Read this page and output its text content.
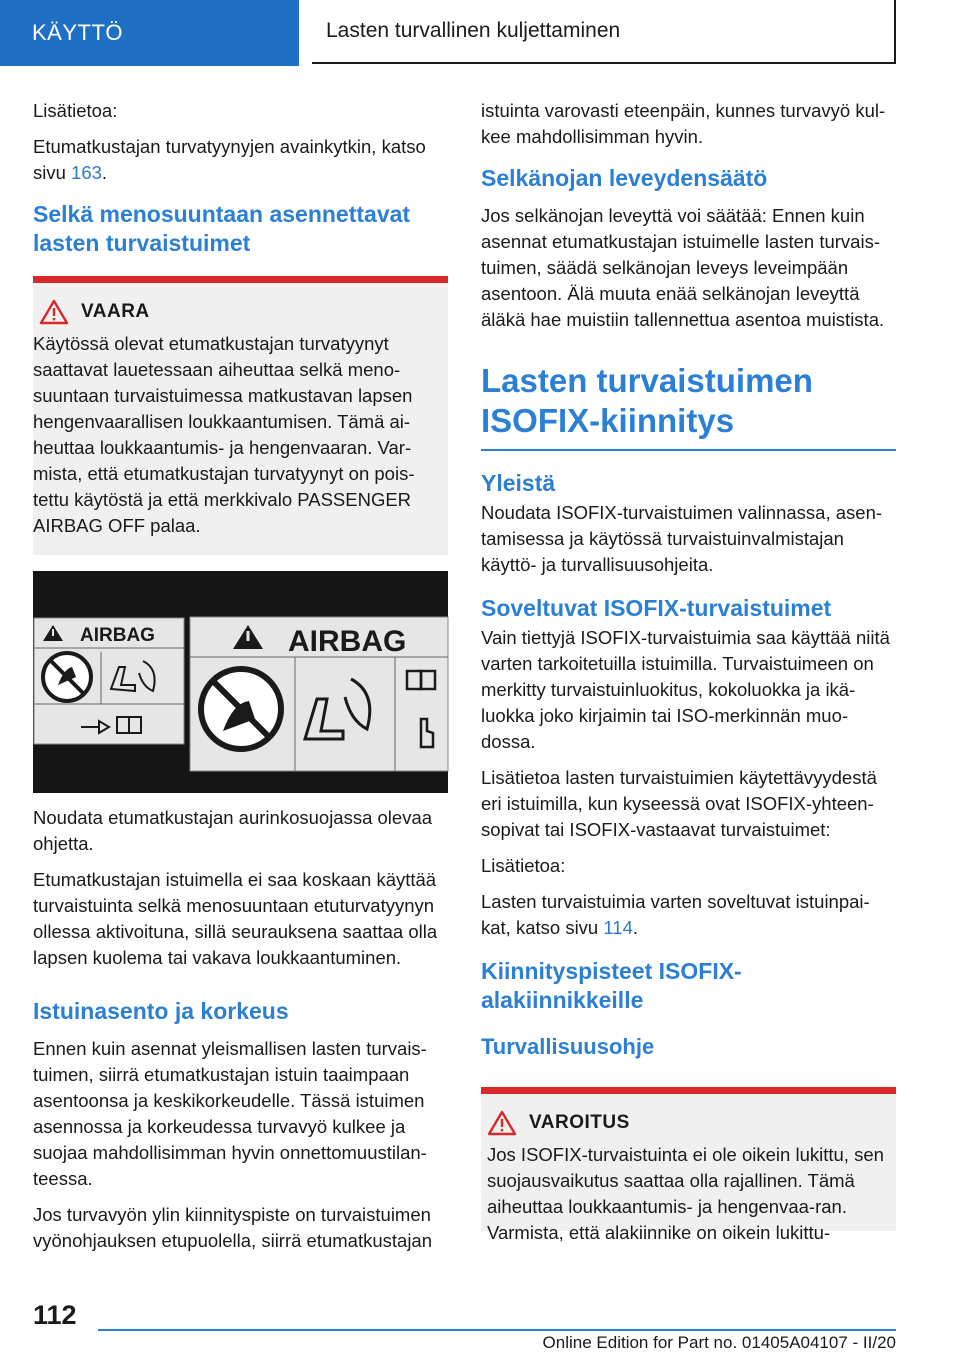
KÄYTTÖ	Lasten turvallinen kuljettaminen

Lisätietoa:

Etumatkustajan turvatyynyjen avainkytkin, katso sivu 163.

Selkä menosuuntaan asennettavat lasten turvaistuimet
VAARA

Käytössä olevat etumatkustajan turvatyynyt saattavat lauetessaan aiheuttaa selkä meno-suuntaan turvaistuimessa matkustavan lapsen hengenvaarallisen loukkaantumisen. Tämä ai-heuttaa loukkaantumis- ja hengenvaaran. Var-mista, että etumatkustajan turvatyynyt on pois-tettu käytöstä ja että merkkivalo PASSENGER AIRBAG OFF palaa.

AIRBAG	AIRBAG

Noudata etumatkustajan aurinkosuojassa olevaa ohjetta.

Etumatkustajan istuimella ei saa koskaan käyttää turvaistuinta selkä menosuuntaan etuturvatyynyn ollessa aktivoituna, sillä seurauksena saattaa olla lapsen kuolema tai vakava loukkaantuminen.

Istuinasento ja korkeus

Ennen kuin asennat yleismallisen lasten turvais-tuimen, siirrä etumatkustajan istuin taaimpaan asentoonsa ja keskikorkeudelle. Tässä istuimen asennossa ja korkeudessa turvavyö kulkee ja suojaa mahdollisimman hyvin onnettomuustilan-teessa.

Jos turvavyön ylin kiinnityspiste on turvaistuimen vyönohjauksen etupuolella, siirrä etumatkustajan

istuinta varovasti eteenpäin, kunnes turvavyö kul-kee mahdollisimman hyvin.

Selkänojan leveydensäätö

Jos selkänojan leveyttä voi säätää: Ennen kuin asennat etumatkustajan istuimelle lasten turvais-tuimen, säädä selkänojan leveys leveimpään asentoon. Älä muuta enää selkänojan leveyttä äläkä hae muistiin tallennettua asentoa muistista.

Lasten turvaistuimen ISOFIX-kiinnitys
Yleistä

Noudata ISOFIX-turvaistuimen valinnassa, asen-tamisessa ja käytössä turvaistuinvalmistajan käyttö- ja turvallisuusohjeita.

Soveltuvat ISOFIX-turvaistuimet

Vain tiettyjä ISOFIX-turvaistuimia saa käyttää niitä varten tarkoitetuilla istuimilla. Turvaistuimeen on merkitty turvaistuinluokitus, kokoluokka ja ikä-luokka joko kirjaimin tai ISO-merkinnän muo-dossa.

Lisätietoa lasten turvaistuimien käytettävyydestä eri istuimilla, kun kyseessä ovat ISOFIX-yhteen-sopivat tai ISOFIX-vastaavat turvaistuimet:

Lisätietoa:

Lasten turvaistuimia varten soveltuvat istuinpai-kat, katso sivu 114.

Kiinnityspisteet ISOFIX-alakiinnikkeille
Turvallisuusohje
VAROITUS

Jos ISOFIX-turvaistuinta ei ole oikein lukittu, sen suojausvaikutus saattaa olla rajallinen. Tämä aiheuttaa loukkaantumis- ja hengenvaa-ran. Varmista, että alakiinnike on oikein lukittu-

112
Online Edition for Part no. 01405A04107 - II/20
